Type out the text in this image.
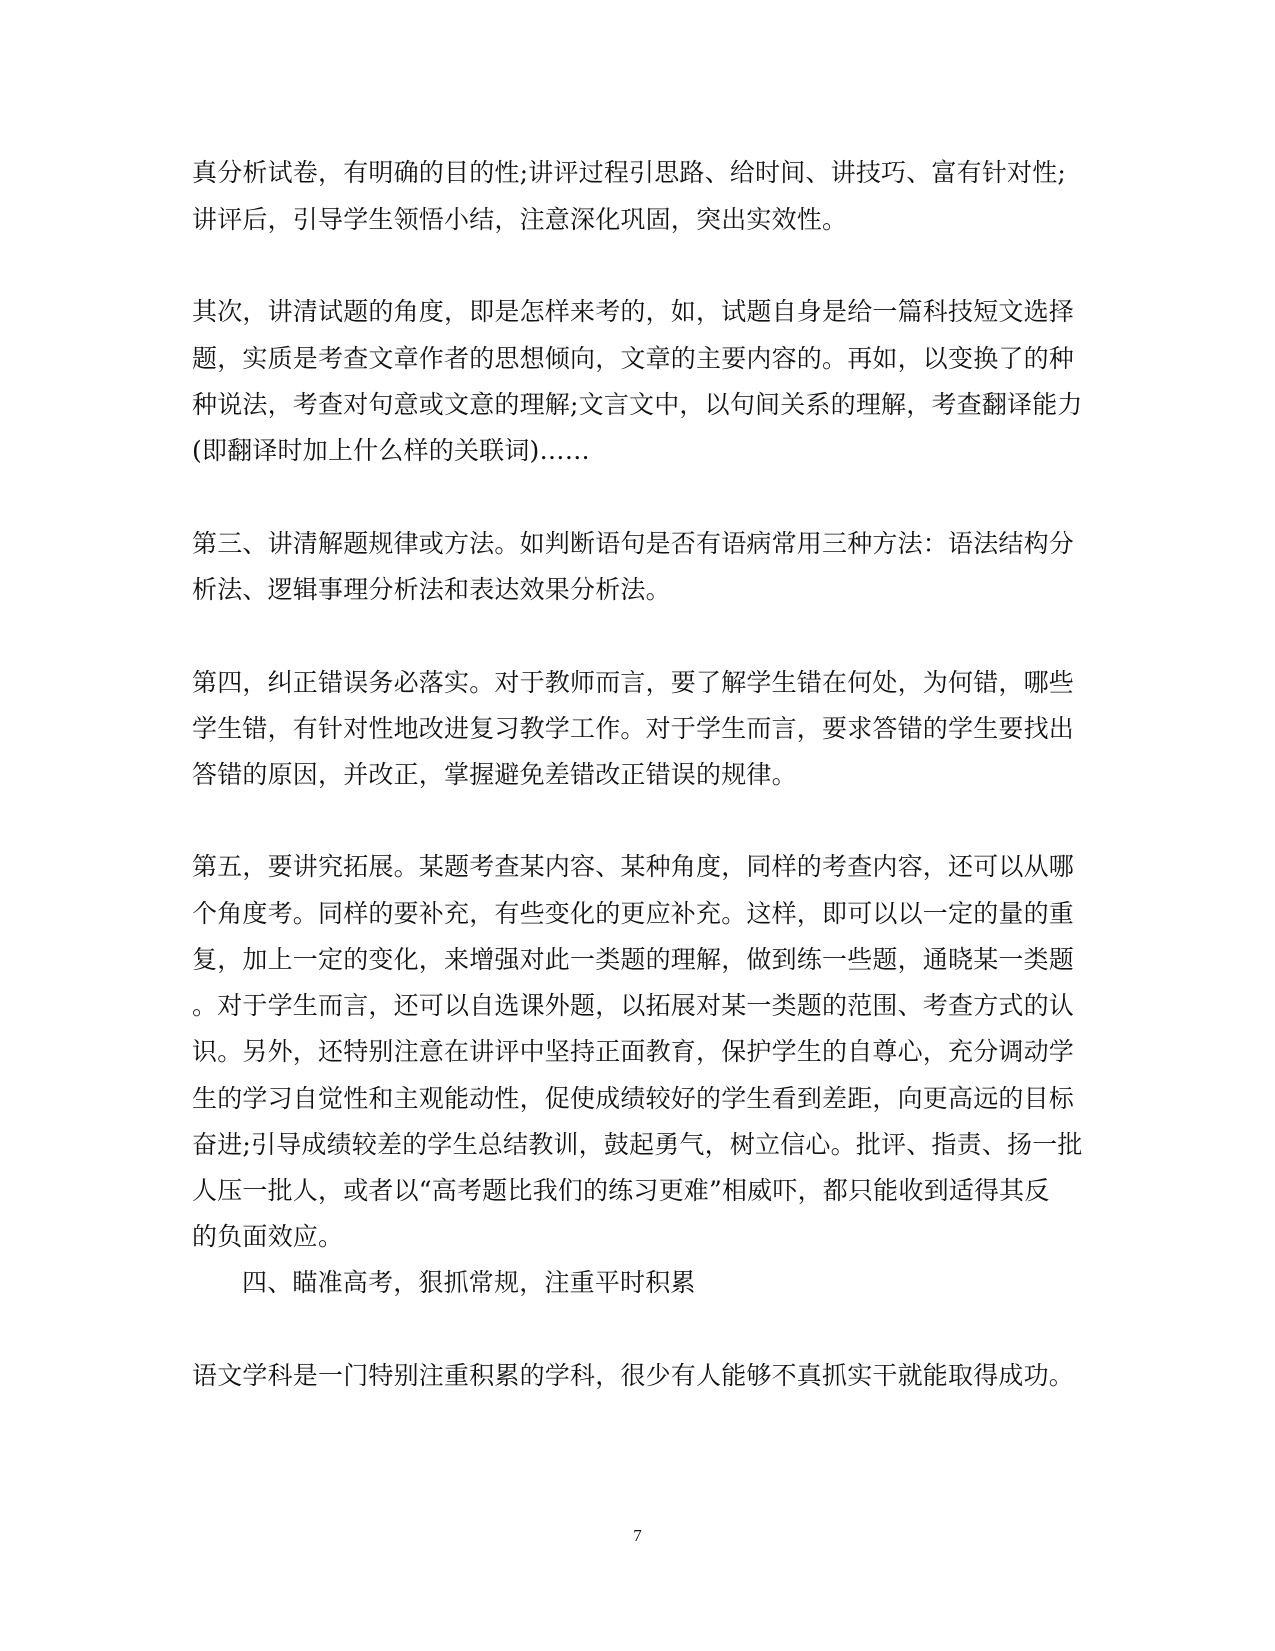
真分析试卷，有明确的目的性;讲评过程引思路、给时间、讲技巧、富有针对性;
讲评后，引导学生领悟小结，注意深化巩固，突出实效性。
其次，讲清试题的角度，即是怎样来考的，如，试题自身是给一篇科技短文选择
题，实质是考查文章作者的思想倾向，文章的主要内容的。再如，以变换了的种
种说法，考查对句意或文意的理解;文言文中，以句间关系的理解，考查翻译能力
(即翻译时加上什么样的关联词)……
第三、讲清解题规律或方法。如判断语句是否有语病常用三种方法：语法结构分
析法、逻辑事理分析法和表达效果分析法。
第四，纠正错误务必落实。对于教师而言，要了解学生错在何处，为何错，哪些
学生错，有针对性地改进复习教学工作。对于学生而言，要求答错的学生要找出
答错的原因，并改正，掌握避免差错改正错误的规律。
第五，要讲究拓展。某题考查某内容、某种角度，同样的考查内容，还可以从哪
个角度考。同样的要补充，有些变化的更应补充。这样，即可以以一定的量的重
复，加上一定的变化，来增强对此一类题的理解，做到练一些题，通晓某一类题
。对于学生而言，还可以自选课外题，以拓展对某一类题的范围、考查方式的认
识。另外，还特别注意在讲评中坚持正面教育，保护学生的自尊心，充分调动学
生的学习自觉性和主观能动性，促使成绩较好的学生看到差距，向更高远的目标
奋进;引导成绩较差的学生总结教训，鼓起勇气，树立信心。批评、指责、扬一批
人压一批人，或者以“高考题比我们的练习更难”相威吓，都只能收到适得其反
的负面效应。
四、瞄准高考，狠抓常规，注重平时积累
语文学科是一门特别注重积累的学科，很少有人能够不真抓实干就能取得成功。
7
